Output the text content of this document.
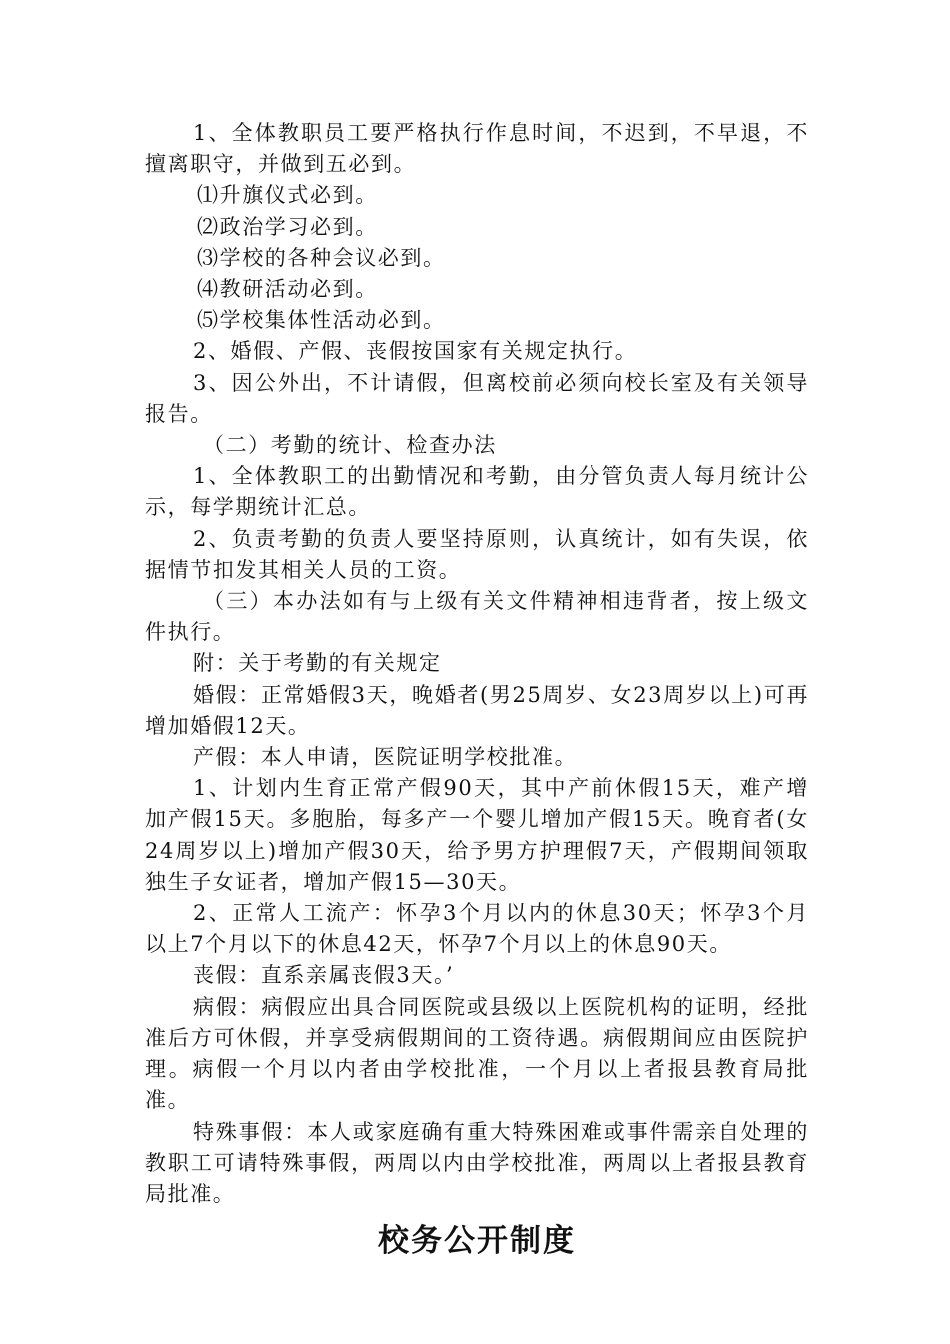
1、全体教职员工要严格执行作息时间，不迟到，不早退，不擅离职守，并做到五必到。

⑴升旗仪式必到。

⑵政治学习必到。

⑶学校的各种会议必到。

⑷教研活动必到。

⑸学校集体性活动必到。

2、婚假、产假、丧假按国家有关规定执行。

3、因公外出，不计请假，但离校前必须向校长室及有关领导报告。

（二）考勤的统计、检查办法

1、全体教职工的出勤情况和考勤，由分管负责人每月统计公示，每学期统计汇总。

2、负责考勤的负责人要坚持原则，认真统计，如有失误，依据情节扣发其相关人员的工资。

（三）本办法如有与上级有关文件精神相违背者，按上级文件执行。

附：关于考勤的有关规定

婚假：正常婚假3天，晚婚者(男25周岁、女23周岁以上)可再增加婚假12天。

产假：本人申请，医院证明学校批准。

1、计划内生育正常产假90天，其中产前休假15天，难产增加产假15天。多胞胎，每多产一个婴儿增加产假15天。晚育者(女24周岁以上)增加产假30天，给予男方护理假7天，产假期间领取独生子女证者，增加产假15—30天。

2、正常人工流产：怀孕3个月以内的休息30天；怀孕3个月以上7个月以下的休息42天，怀孕7个月以上的休息90天。

丧假：直系亲属丧假3天。’

病假：病假应出具合同医院或县级以上医院机构的证明，经批准后方可休假，并享受病假期间的工资待遇。病假期间应由医院护理。病假一个月以内者由学校批准，一个月以上者报县教育局批准。

特殊事假：本人或家庭确有重大特殊困难或事件需亲自处理的教职工可请特殊事假，两周以内由学校批准，两周以上者报县教育局批准。

校务公开制度
